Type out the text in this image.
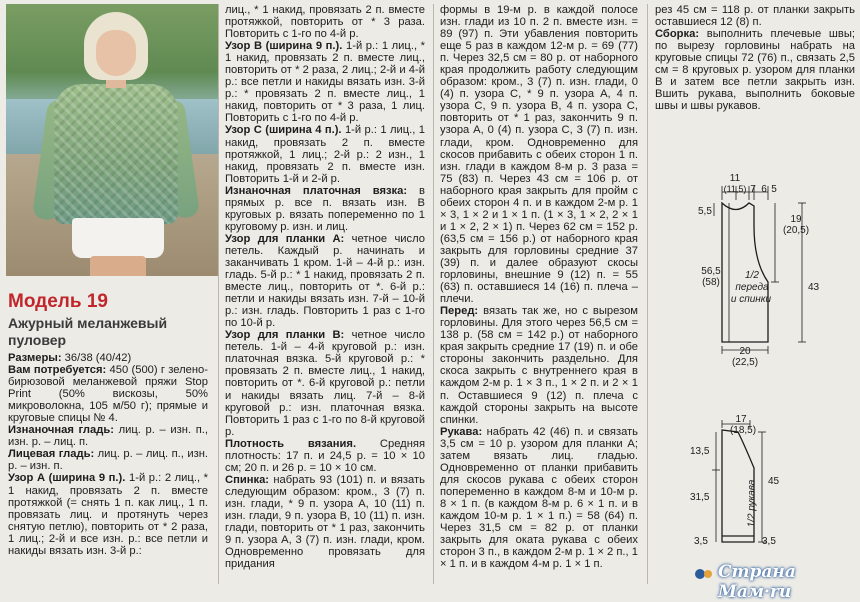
Модель 19
Ажурный меланжевый пуловер

Размеры: 36/38 (40/42)

Вам потребуется: 450 (500) г зелено-бирюзовой меланжевой пряжи Stop Print (50% вискозы, 50% микроволокна, 105 м/50 г); прямые и круговые спицы № 4.

Изнаночная гладь: лиц. р. – изн. п., изн. р. – лиц. п.

Лицевая гладь: лиц. р. – лиц. п., изн. р. – изн. п.

Узор А (ширина 9 п.). 1-й р.: 2 лиц., * 1 накид, провязать 2 п. вместе протяжкой (= снять 1 п. как лиц., 1 п. провязать лиц. и протянуть через снятую петлю), повторить от * 2 раза, 1 лиц.; 2-й и все изн. р.: все петли и накиды вязать изн. 3-й р.:

лиц., * 1 накид, провязать 2 п. вместе протяжкой, повторить от * 3 раза. Повторить с 1-го по 4-й р.

Узор В (ширина 9 п.). 1-й р.: 1 лиц., * 1 накид, провязать 2 п. вместе лиц., повторить от * 2 раза, 2 лиц.; 2-й и 4-й р.: все петли и накиды вязать изн. 3-й р.: * провязать 2 п. вместе лиц., 1 накид, повторить от * 3 раза, 1 лиц. Повторить с 1-го по 4-й р.

Узор С (ширина 4 п.). 1-й р.: 1 лиц., 1 накид, провязать 2 п. вместе протяжкой, 1 лиц.; 2-й р.: 2 изн., 1 накид, провязать 2 п. вместе изн. Повторить 1-й и 2-й р.

Изнаночная платочная вязка: в прямых р. все п. вязать изн. В круговых р. вязать попеременно по 1 круговому р. изн. и лиц.

Узор для планки А: четное число петель. Каждый р. начинать и заканчивать 1 кром. 1-й – 4-й р.: изн. гладь. 5-й р.: * 1 накид, провязать 2 п. вместе лиц., повторить от *. 6-й р.: петли и накиды вязать изн. 7-й – 10-й р.: изн. гладь. Повторить 1 раз с 1-го по 10-й р.

Узор для планки В: четное число петель. 1-й – 4-й круговой р.: изн. платочная вязка. 5-й круговой р.: * провязать 2 п. вместе лиц., 1 накид, повторить от *. 6-й круговой р.: петли и накиды вязать лиц. 7-й – 8-й круговой р.: изн. платочная вязка. Повторить 1 раз с 1-го по 8-й круговой р.

Плотность вязания. Средняя плотность: 17 п. и 24,5 р. = 10 × 10 см; 20 п. и 26 р. = 10 × 10 см.

Спинка: набрать 93 (101) п. и вязать следующим образом: кром., 3 (7) п. изн. глади, * 9 п. узора А, 10 (11) п. изн. глади, 9 п. узора В, 10 (11) п. изн. глади, повторить от * 1 раз, закончить 9 п. узора А, 3 (7) п. изн. глади, кром. Одновременно провязать для придания

формы в 19-м р. в каждой полосе изн. глади из 10 п. 2 п. вместе изн. = 89 (97) п. Эти убавления повторить еще 5 раз в каждом 12-м р. = 69 (77) п. Через 32,5 см = 80 р. от наборного края продолжить работу следующим образом: кром., 3 (7) п. изн. глади, 0 (4) п. узора С, * 9 п. узора А, 4 п. узора С, 9 п. узора В, 4 п. узора С, повторить от * 1 раз, закончить 9 п. узора А, 0 (4) п. узора С, 3 (7) п. изн. глади, кром. Одновременно для скосов прибавить с обеих сторон 1 п. изн. глади в каждом 8-м р. 3 раза = 75 (83) п. Через 43 см = 106 р. от наборного края закрыть для пройм с обеих сторон 4 п. и в каждом 2-м р. 1 × 3, 1 × 2 и 1 × 1 п. (1 × 3, 1 × 2, 2 × 1 и 1 × 2, 2 × 1) п. Через 62 см = 152 р. (63,5 см = 156 р.) от наборного края закрыть для горловины средние 37 (39) п. и далее образуют скосы горловины, внешние 9 (12) п. = 55 (63) п. оставшиеся 14 (16) п. плеча – плечи.

Перед: вязать так же, но с вырезом горловины. Для этого через 56,5 см = 138 р. (58 см = 142 р.) от наборного края закрыть средние 17 (19) п. и обе стороны закончить раздельно. Для скоса закрыть с внутреннего края в каждом 2-м р. 1 × 3 п., 1 × 2 п. и 2 × 1 п. Оставшиеся 9 (12) п. плеча с каждой стороны закрыть на высоте спинки.

Рукава: набрать 42 (46) п. и связать 3,5 см = 10 р. узором для планки А; затем вязать лиц. гладью. Одновременно от планки прибавить для скосов рукава с обеих сторон попеременно в каждом 8-м и 10-м р. 8 × 1 п. (в каждом 8-м р. 6 × 1 п. и в каждом 10-м р. 1 × 1 п.) = 58 (64) п. Через 31,5 см = 82 р. от планки закрыть для оката рукава с обеих сторон 3 п., в каждом 2-м р. 1 × 2 п., 1 × 1 п. и в каждом 4-м р. 1 × 1 п.

рез 45 см = 118 р. от планки закрыть оставшиеся 12 (8) п.

Сборка: выполнить плечевые швы; по вырезу горловины набрать на круговые спицы 72 (76) п., связать 2,5 см = 8 круговых р. узором для планки В и затем все петли закрыть изн. Вшить рукава, выполнить боковые швы и швы рукавов.

11
(11,5) 7 6 5
5,5
19
(20,5)
56,5
(58)	43
1/2
переда
и спинки
20
(22,5)
17
(18,5)
13,5
45
31,5
3,5	3,5
1/2 рукава
Страна Мам·ru
